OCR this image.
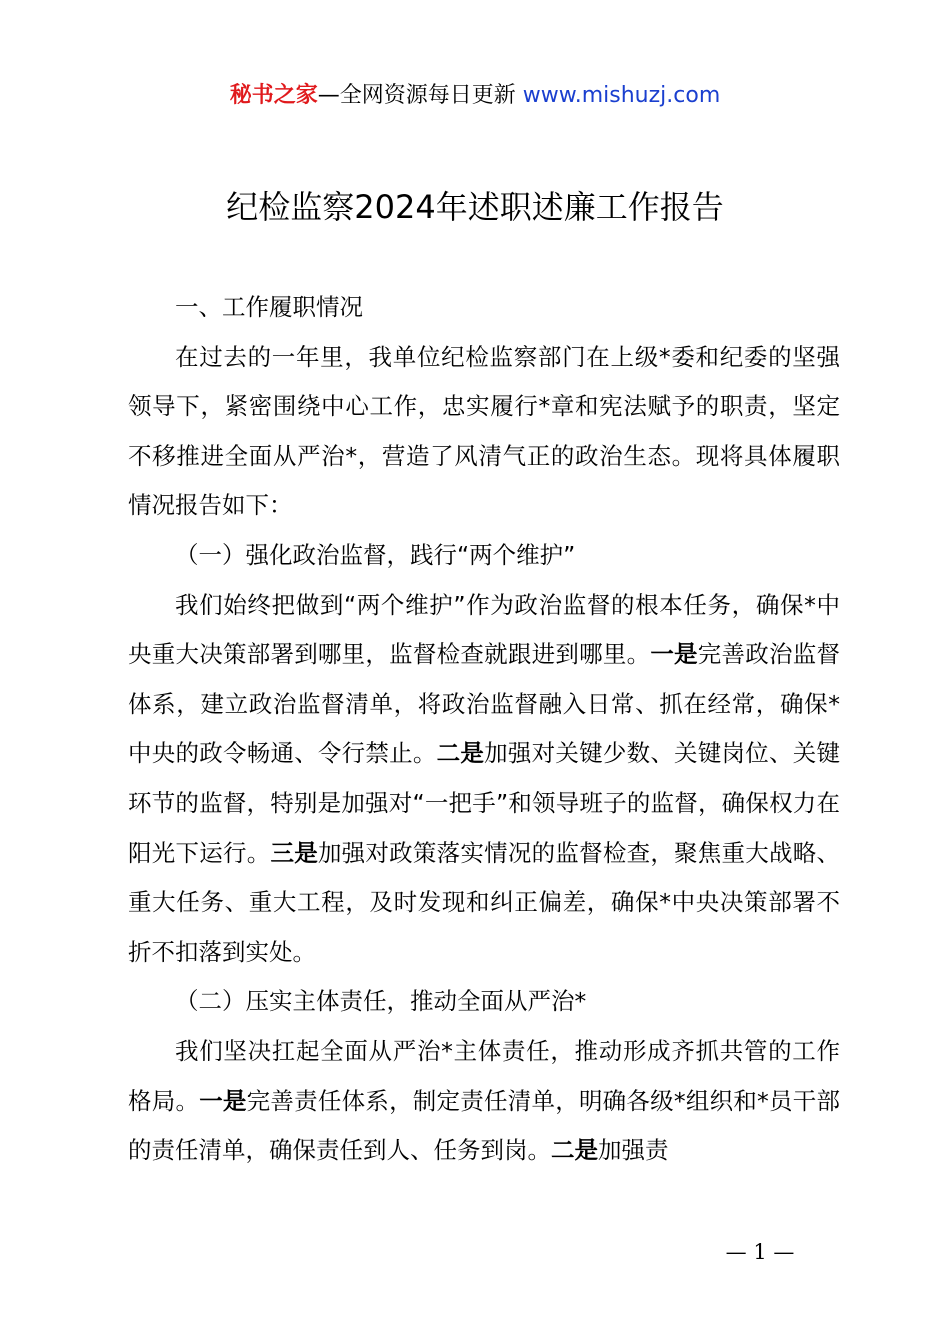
秘书之家—全网资源每日更新 www.mishuzj.com
纪检监察2024年述职述廉工作报告

一、工作履职情况

在过去的一年里，我单位纪检监察部门在上级*委和纪委的坚强领导下，紧密围绕中心工作，忠实履行*章和宪法赋予的职责，坚定不移推进全面从严治*，营造了风清气正的政治生态。现将具体履职情况报告如下：

（一）强化政治监督，践行“两个维护”

我们始终把做到“两个维护”作为政治监督的根本任务，确保*中央重大决策部署到哪里，监督检查就跟进到哪里。一是完善政治监督体系，建立政治监督清单，将政治监督融入日常、抓在经常，确保*中央的政令畅通、令行禁止。二是加强对关键少数、关键岗位、关键环节的监督，特别是加强对“一把手”和领导班子的监督，确保权力在阳光下运行。三是加强对政策落实情况的监督检查，聚焦重大战略、重大任务、重大工程，及时发现和纠正偏差，确保*中央决策部署不折不扣落到实处。

（二）压实主体责任，推动全面从严治*

我们坚决扛起全面从严治*主体责任，推动形成齐抓共管的工作格局。一是完善责任体系，制定责任清单，明确各级*组织和*员干部的责任清单，确保责任到人、任务到岗。二是加强责

— 1 —
